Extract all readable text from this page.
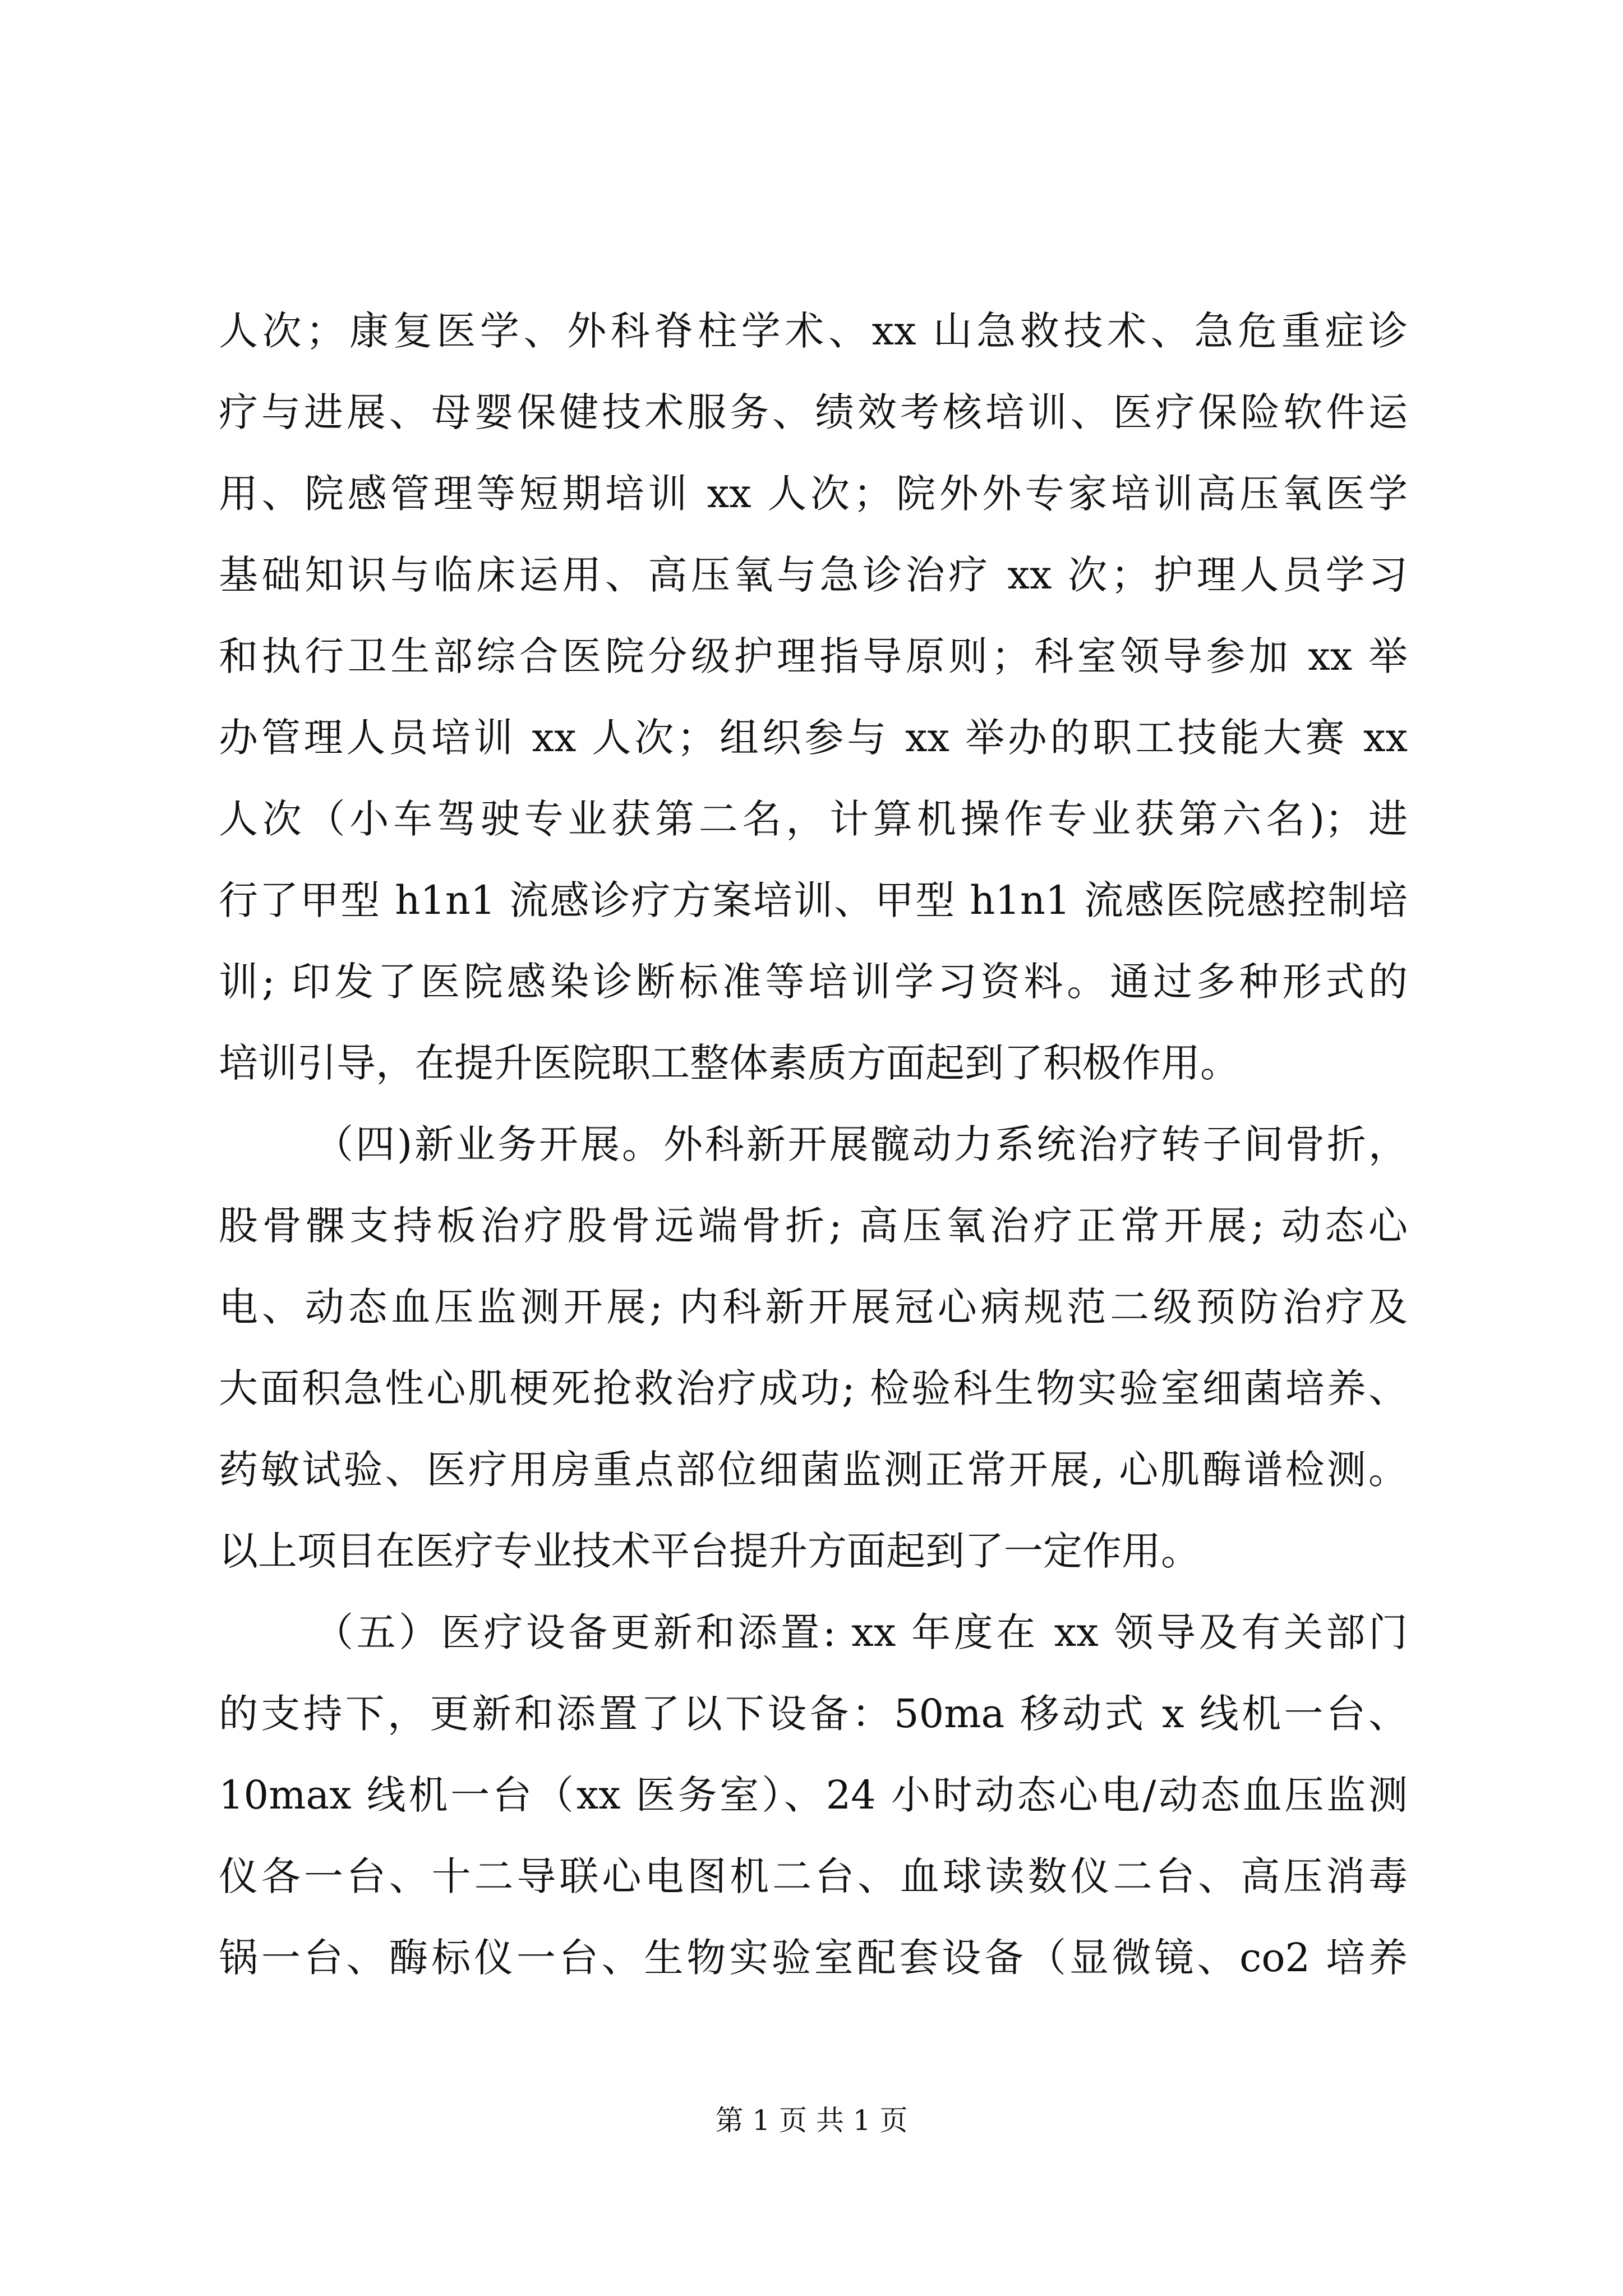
人次；康复医学、外科脊柱学术、xx 山急救技术、急危重症诊
疗与进展、母婴保健技术服务、绩效考核培训、医疗保险软件运
用、院感管理等短期培训 xx 人次；院外外专家培训高压氧医学
基础知识与临床运用、高压氧与急诊治疗 xx 次；护理人员学习
和执行卫生部综合医院分级护理指导原则；科室领导参加 xx 举
办管理人员培训 xx 人次；组织参与 xx 举办的职工技能大赛 xx
人次（小车驾驶专业获第二名，计算机操作专业获第六名)；进
行了甲型 h1n1 流感诊疗方案培训、甲型 h1n1 流感医院感控制培
训; 印发了医院感染诊断标准等培训学习资料。通过多种形式的
培训引导，在提升医院职工整体素质方面起到了积极作用。
（四)新业务开展。外科新开展髋动力系统治疗转子间骨折，
股骨髁支持板治疗股骨远端骨折; 高压氧治疗正常开展; 动态心
电、动态血压监测开展; 内科新开展冠心病规范二级预防治疗及
大面积急性心肌梗死抢救治疗成功; 检验科生物实验室细菌培养、
药敏试验、医疗用房重点部位细菌监测正常开展, 心肌酶谱检测。
以上项目在医疗专业技术平台提升方面起到了一定作用。
（五）医疗设备更新和添置: xx 年度在 xx 领导及有关部门
的支持下，更新和添置了以下设备：50ma 移动式 x 线机一台、
10max 线机一台（xx 医务室）、24 小时动态心电/动态血压监测
仪各一台、十二导联心电图机二台、血球读数仪二台、高压消毒
锅一台、酶标仪一台、生物实验室配套设备（显微镜、co2 培养
第 1 页 共 1 页
